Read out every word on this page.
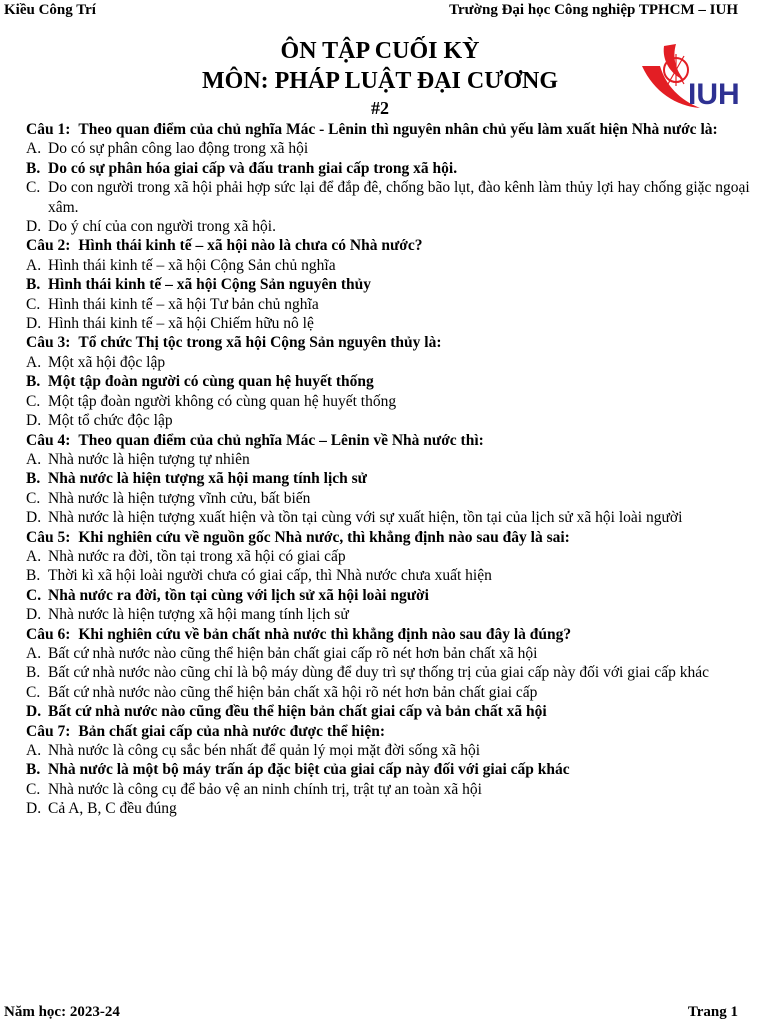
Kiều Công Trí	Trường Đại học Công nghiệp TPHCM – IUH
ÔN TẬP CUỐI KỲ
MÔN: PHÁP LUẬT ĐẠI CƯƠNG
#2	IUH
Câu 1: Theo quan điểm của chủ nghĩa Mác - Lênin thì nguyên nhân chủ yếu làm xuất hiện Nhà nước là:
A. Do có sự phân công lao động trong xã hội
B. Do có sự phân hóa giai cấp và đấu tranh giai cấp trong xã hội.
C. Do con người trong xã hội phải hợp sức lại để đắp đê, chống bão lụt, đào kênh làm thủy lợi hay chống giặc ngoại xâm.
D. Do ý chí của con người trong xã hội.
Câu 2: Hình thái kinh tế – xã hội nào là chưa có Nhà nước?
A. Hình thái kinh tế – xã hội Cộng Sản chủ nghĩa
B. Hình thái kinh tế – xã hội Cộng Sản nguyên thủy
C. Hình thái kinh tế – xã hội Tư bản chủ nghĩa
D. Hình thái kinh tế – xã hội Chiếm hữu nô lệ
Câu 3: Tổ chức Thị tộc trong xã hội Cộng Sản nguyên thủy là:
A. Một xã hội độc lập
B. Một tập đoàn người có cùng quan hệ huyết thống
C. Một tập đoàn người không có cùng quan hệ huyết thống
D. Một tổ chức độc lập
Câu 4: Theo quan điểm của chủ nghĩa Mác – Lênin về Nhà nước thì:
A. Nhà nước là hiện tượng tự nhiên
B. Nhà nước là hiện tượng xã hội mang tính lịch sử
C. Nhà nước là hiện tượng vĩnh cửu, bất biến
D. Nhà nước là hiện tượng xuất hiện và tồn tại cùng với sự xuất hiện, tồn tại của lịch sử xã hội loài người
Câu 5: Khi nghiên cứu về nguồn gốc Nhà nước, thì khẳng định nào sau đây là sai:
A. Nhà nước ra đời, tồn tại trong xã hội có giai cấp
B. Thời kì xã hội loài người chưa có giai cấp, thì Nhà nước chưa xuất hiện
C. Nhà nước ra đời, tồn tại cùng với lịch sử xã hội loài người
D. Nhà nước là hiện tượng xã hội mang tính lịch sử
Câu 6: Khi nghiên cứu về bản chất nhà nước thì khẳng định nào sau đây là đúng?
A. Bất cứ nhà nước nào cũng thể hiện bản chất giai cấp rõ nét hơn bản chất xã hội
B. Bất cứ nhà nước nào cũng chỉ là bộ máy dùng để duy trì sự thống trị của giai cấp này đối với giai cấp khác
C. Bất cứ nhà nước nào cũng thể hiện bản chất xã hội rõ nét hơn bản chất giai cấp
D. Bất cứ nhà nước nào cũng đều thể hiện bản chất giai cấp và bản chất xã hội
Câu 7: Bản chất giai cấp của nhà nước được thể hiện:
A. Nhà nước là công cụ sắc bén nhất để quản lý mọi mặt đời sống xã hội
B. Nhà nước là một bộ máy trấn áp đặc biệt của giai cấp này đối với giai cấp khác
C. Nhà nước là công cụ để bảo vệ an ninh chính trị, trật tự an toàn xã hội
D. Cả A, B, C đều đúng
Năm học: 2023-24	Trang 1
